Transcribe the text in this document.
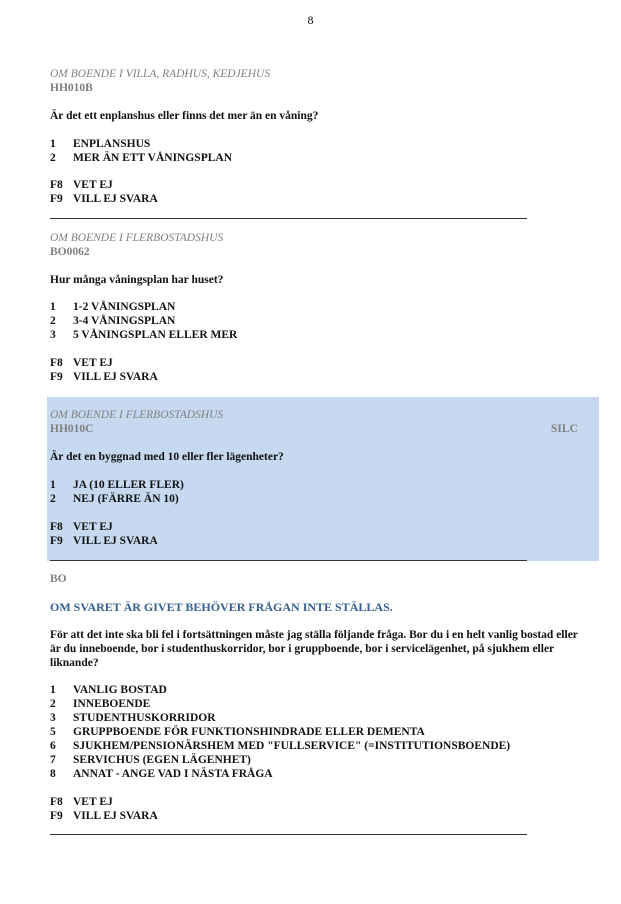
8
OM BOENDE I VILLA, RADHUS, KEDJEHUS
HH010B
Är det ett enplanshus eller finns det mer än en våning?
1	ENPLANSHUS
2	MER ÄN ETT VÅNINGSPLAN
F8 VET EJ
F9 VILL EJ SVARA
OM BOENDE I FLERBOSTADSHUS
BO0062
Hur många våningsplan har huset?
1	1-2 VÅNINGSPLAN
2	3-4 VÅNINGSPLAN
3	5 VÅNINGSPLAN ELLER MER
F8 VET EJ
F9 VILL EJ SVARA
OM BOENDE I FLERBOSTADSHUS
HH010C	SILC
Är det en byggnad med 10 eller fler lägenheter?
1	JA (10 ELLER FLER)
2	NEJ (FÄRRE ÄN 10)
F8 VET EJ
F9 VILL EJ SVARA
BO
OM SVARET ÄR GIVET BEHÖVER FRÅGAN INTE STÄLLAS.
För att det inte ska bli fel i fortsättningen måste jag ställa följande fråga. Bor du i en helt vanlig bostad eller är du inneboende, bor i studenthuskorridor, bor i gruppboende, bor i servicelägenhet, på sjukhem eller liknande?
1	VANLIG BOSTAD
2	INNEBOENDE
3	STUDENTHUSKORRIDOR
5	GRUPPBOENDE FÖR FUNKTIONSHINDRADE ELLER DEMENTA
6	SJUKHEM/PENSIONÄRSHEM MED "FULLSERVICE" (=INSTITUTIONSBOENDE)
7	SERVICHUS (EGEN LÄGENHET)
8	ANNAT - ANGE VAD I NÄSTA FRÅGA
F8 VET EJ
F9 VILL EJ SVARA
